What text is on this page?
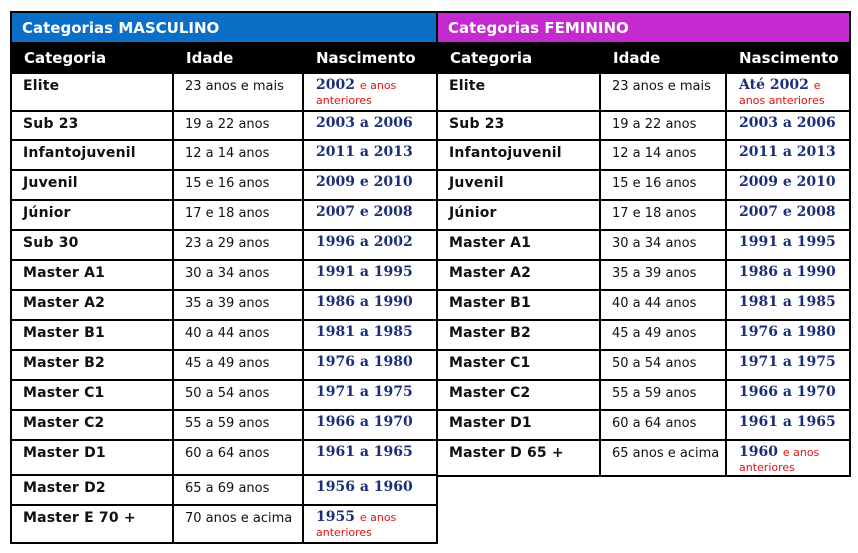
Categorias MASCULINO		
Categoria	Idade	Nascimento
Elite	23 anos e mais	2002 e anos anteriores
Sub 23	19 a 22 anos	2003 a 2006
Infantojuvenil	12 a 14 anos	2011 a 2013
Juvenil	15 e 16 anos	2009 e 2010
Júnior	17 e 18 anos	2007 e 2008
Sub 30	23 a 29 anos	1996 a 2002
Master A1	30 a 34 anos	1991 a 1995
Master A2	35 a 39 anos	1986 a 1990
Master B1	40 a 44 anos	1981 a 1985
Master B2	45 a 49 anos	1976 a 1980
Master C1	50 a 54 anos	1971 a 1975
Master C2	55 a 59 anos	1966 a 1970
Master D1	60 a 64 anos	1961 a 1965
Master D2	65 a 69 anos	1956 a 1960
Master E 70 +	70 anos e acima	1955 e anos anteriores
Categorias FEMININO		
Categoria	Idade	Nascimento
Elite	23 anos e mais	Até 2002 e anos anteriores
Sub 23	19 a 22 anos	2003 a 2006
Infantojuvenil	12 a 14 anos	2011 a 2013
Juvenil	15 e 16 anos	2009 e 2010
Júnior	17 e 18 anos	2007 e 2008
Master A1	30 a 34 anos	1991 a 1995
Master A2	35 a 39 anos	1986 a 1990
Master B1	40 a 44 anos	1981 a 1985
Master B2	45 a 49 anos	1976 a 1980
Master C1	50 a 54 anos	1971 a 1975
Master C2	55 a 59 anos	1966 a 1970
Master D1	60 a 64 anos	1961 a 1965
Master D 65 +	65 anos e acima	1960 e anos anteriores
